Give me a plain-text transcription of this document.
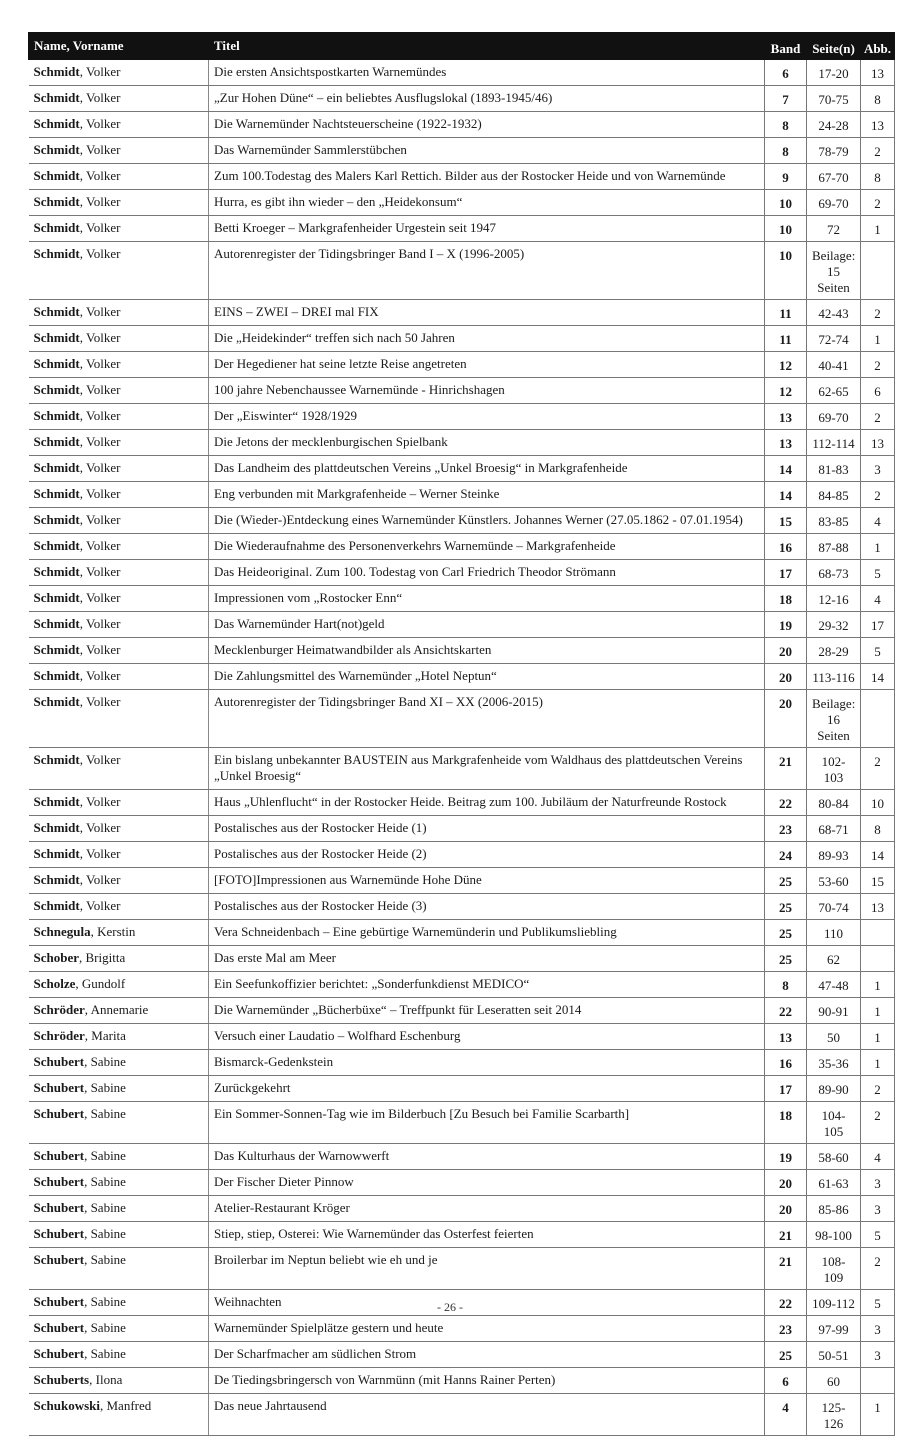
Name, Vorname	Titel	Band	Seite(n)	Abb.
Schmidt, Volker	Die ersten Ansichtspostkarten Warnemündes	6	17-20	13
Schmidt, Volker	„Zur Hohen Düne“ – ein beliebtes Ausflugslokal (1893-1945/46)	7	70-75	8
Schmidt, Volker	Die Warnemünder Nachtsteuerscheine (1922-1932)	8	24-28	13
Schmidt, Volker	Das Warnemünder Sammlerstübchen	8	78-79	2
Schmidt, Volker	Zum 100.Todestag des Malers Karl Rettich. Bilder aus der Rostocker Heide und von Warnemünde	9	67-70	8
Schmidt, Volker	Hurra, es gibt ihn wieder – den „Heidekonsum“	10	69-70	2
Schmidt, Volker	Betti Kroeger – Markgrafenheider Urgestein seit 1947	10	72	1
Schmidt, Volker	Autorenregister der Tidingsbringer Band I – X (1996-2005)	10	Beilage: 15 Seiten	
Schmidt, Volker	EINS – ZWEI – DREI mal FIX	11	42-43	2
Schmidt, Volker	Die „Heidekinder“ treffen sich nach 50 Jahren	11	72-74	1
Schmidt, Volker	Der Hegediener hat seine letzte Reise angetreten	12	40-41	2
Schmidt, Volker	100 jahre Nebenchaussee Warnemünde - Hinrichshagen	12	62-65	6
Schmidt, Volker	Der „Eiswinter“ 1928/1929	13	69-70	2
Schmidt, Volker	Die Jetons der mecklenburgischen Spielbank	13	112-114	13
Schmidt, Volker	Das Landheim des plattdeutschen Vereins „Unkel Broesig“ in Markgrafenheide	14	81-83	3
Schmidt, Volker	Eng verbunden mit Markgrafenheide – Werner Steinke	14	84-85	2
Schmidt, Volker	Die (Wieder-)Entdeckung eines Warnemünder Künstlers. Johannes Werner (27.05.1862 - 07.01.1954)	15	83-85	4
Schmidt, Volker	Die Wiederaufnahme des Personenverkehrs Warnemünde – Markgrafenheide	16	87-88	1
Schmidt, Volker	Das Heideoriginal. Zum 100. Todestag von Carl Friedrich Theodor Strömann	17	68-73	5
Schmidt, Volker	Impressionen vom „Rostocker Enn“	18	12-16	4
Schmidt, Volker	Das Warnemünder Hart(not)geld	19	29-32	17
Schmidt, Volker	Mecklenburger Heimatwandbilder als Ansichtskarten	20	28-29	5
Schmidt, Volker	Die Zahlungsmittel des Warnemünder „Hotel Neptun“	20	113-116	14
Schmidt, Volker	Autorenregister der Tidingsbringer Band XI – XX (2006-2015)	20	Beilage: 16 Seiten	
Schmidt, Volker	Ein bislang unbekannter BAUSTEIN aus Markgrafenheide vom Waldhaus des plattdeutschen Vereins „Unkel Broesig“	21	102-103	2
Schmidt, Volker	Haus „Uhlenflucht“ in der Rostocker Heide. Beitrag zum 100. Jubiläum der Naturfreunde Rostock	22	80-84	10
Schmidt, Volker	Postalisches aus der Rostocker Heide (1)	23	68-71	8
Schmidt, Volker	Postalisches aus der Rostocker Heide (2)	24	89-93	14
Schmidt, Volker	[FOTO]Impressionen aus Warnemünde Hohe Düne	25	53-60	15
Schmidt, Volker	Postalisches aus der Rostocker Heide (3)	25	70-74	13
Schnegula, Kerstin	Vera Schneidenbach – Eine gebürtige Warnemünderin und Publikumsliebling	25	110	
Schober, Brigitta	Das erste Mal am Meer	25	62	
Scholze, Gundolf	Ein Seefunkoffizier berichtet: „Sonderfunkdienst MEDICO“	8	47-48	1
Schröder, Annemarie	Die Warnemünder „Bücherbüxe“ – Treffpunkt für Leseratten seit 2014	22	90-91	1
Schröder, Marita	Versuch einer Laudatio – Wolfhard Eschenburg	13	50	1
Schubert, Sabine	Bismarck-Gedenkstein	16	35-36	1
Schubert, Sabine	Zurückgekehrt	17	89-90	2
Schubert, Sabine	Ein Sommer-Sonnen-Tag wie im Bilderbuch [Zu Besuch bei Familie Scarbarth]	18	104-105	2
Schubert, Sabine	Das Kulturhaus der Warnowwerft	19	58-60	4
Schubert, Sabine	Der Fischer Dieter Pinnow	20	61-63	3
Schubert, Sabine	Atelier-Restaurant Kröger	20	85-86	3
Schubert, Sabine	Stiep, stiep, Osterei: Wie Warnemünder das Osterfest feierten	21	98-100	5
Schubert, Sabine	Broilerbar im Neptun beliebt wie eh und je	21	108-109	2
Schubert, Sabine	Weihnachten	22	109-112	5
Schubert, Sabine	Warnemünder Spielplätze gestern und heute	23	97-99	3
Schubert, Sabine	Der Scharfmacher am südlichen Strom	25	50-51	3
Schuberts, Ilona	De Tiedingsbringersch von Warnmünn (mit Hanns Rainer Perten)	6	60	
Schukowski, Manfred	Das neue Jahrtausend	4	125-126	1
- 26 -
